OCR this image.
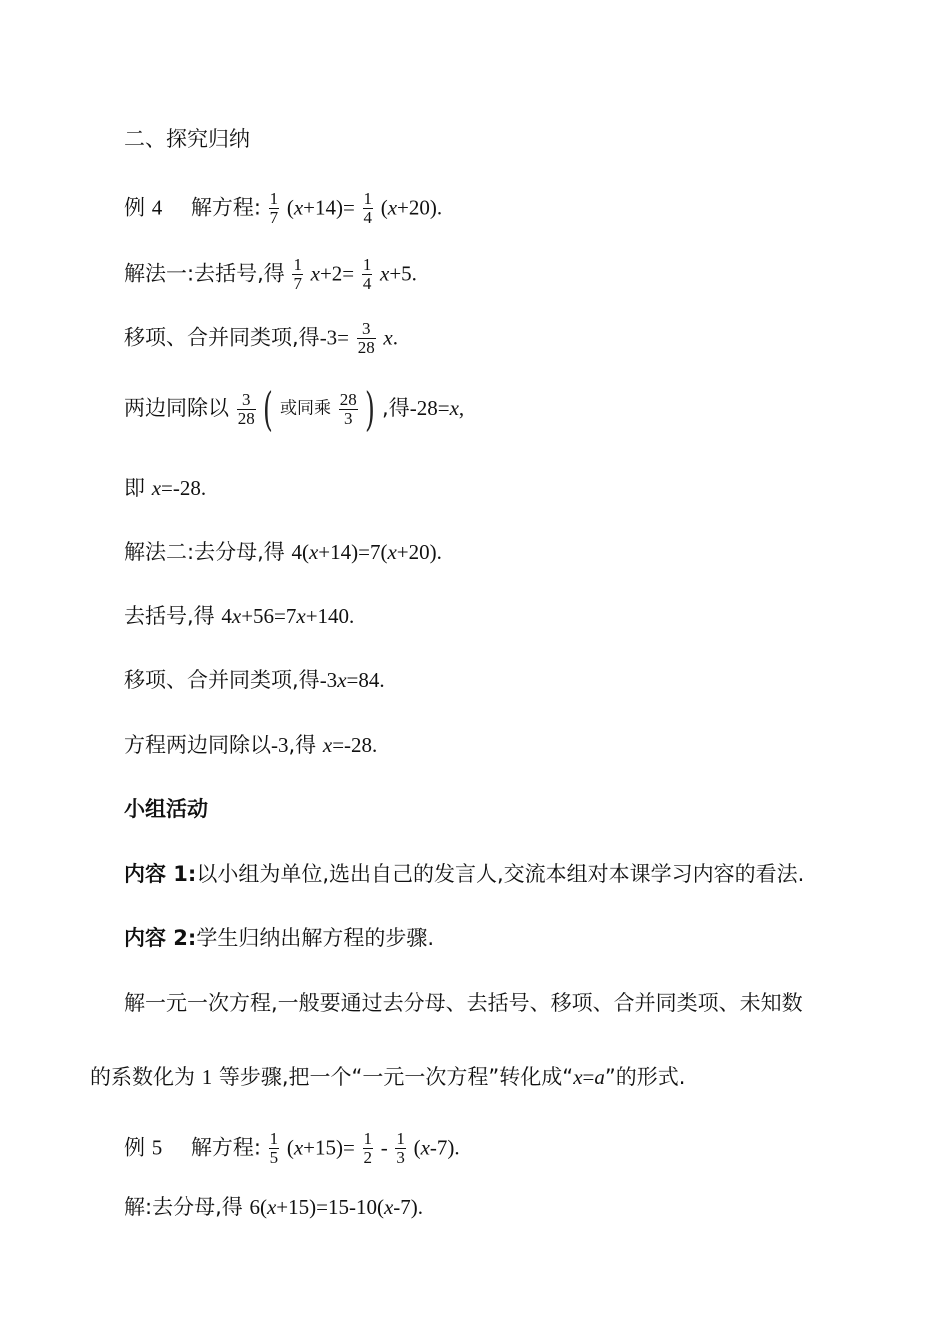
二、探究归纳
例 4 解方程: $\frac{1}{7} (x+14)= \frac{1}{4} (x+20)$.
解法一:去括号,得 $\frac{1}{7} x+2= \frac{1}{4} x+5$.
移项、合并同类项,得$-3= \frac{3}{28} x$.
两边同除以 $\frac{3}{28}$ ( 或同乘 $\frac{28}{3}$ ) ,得-28=x,
即 x=-28.
解法二:去分母,得 4(x+14)=7(x+20).
去括号,得 4x+56=7x+140.
移项、合并同类项,得-3x=84.
方程两边同除以-3,得 x=-28.
小组活动
内容 1:以小组为单位,选出自己的发言人,交流本组对本课学习内容的看法.
内容 2:学生归纳出解方程的步骤.
解一元一次方程,一般要通过去分母、去括号、移项、合并同类项、未知数
的系数化为 1 等步骤,把一个“一元一次方程”转化成“x=a”的形式.
例 5 解方程: $\frac{1}{5} (x+15)= \frac{1}{2} - \frac{1}{3} (x-7)$.
解:去分母,得 6(x+15)=15-10(x-7).
